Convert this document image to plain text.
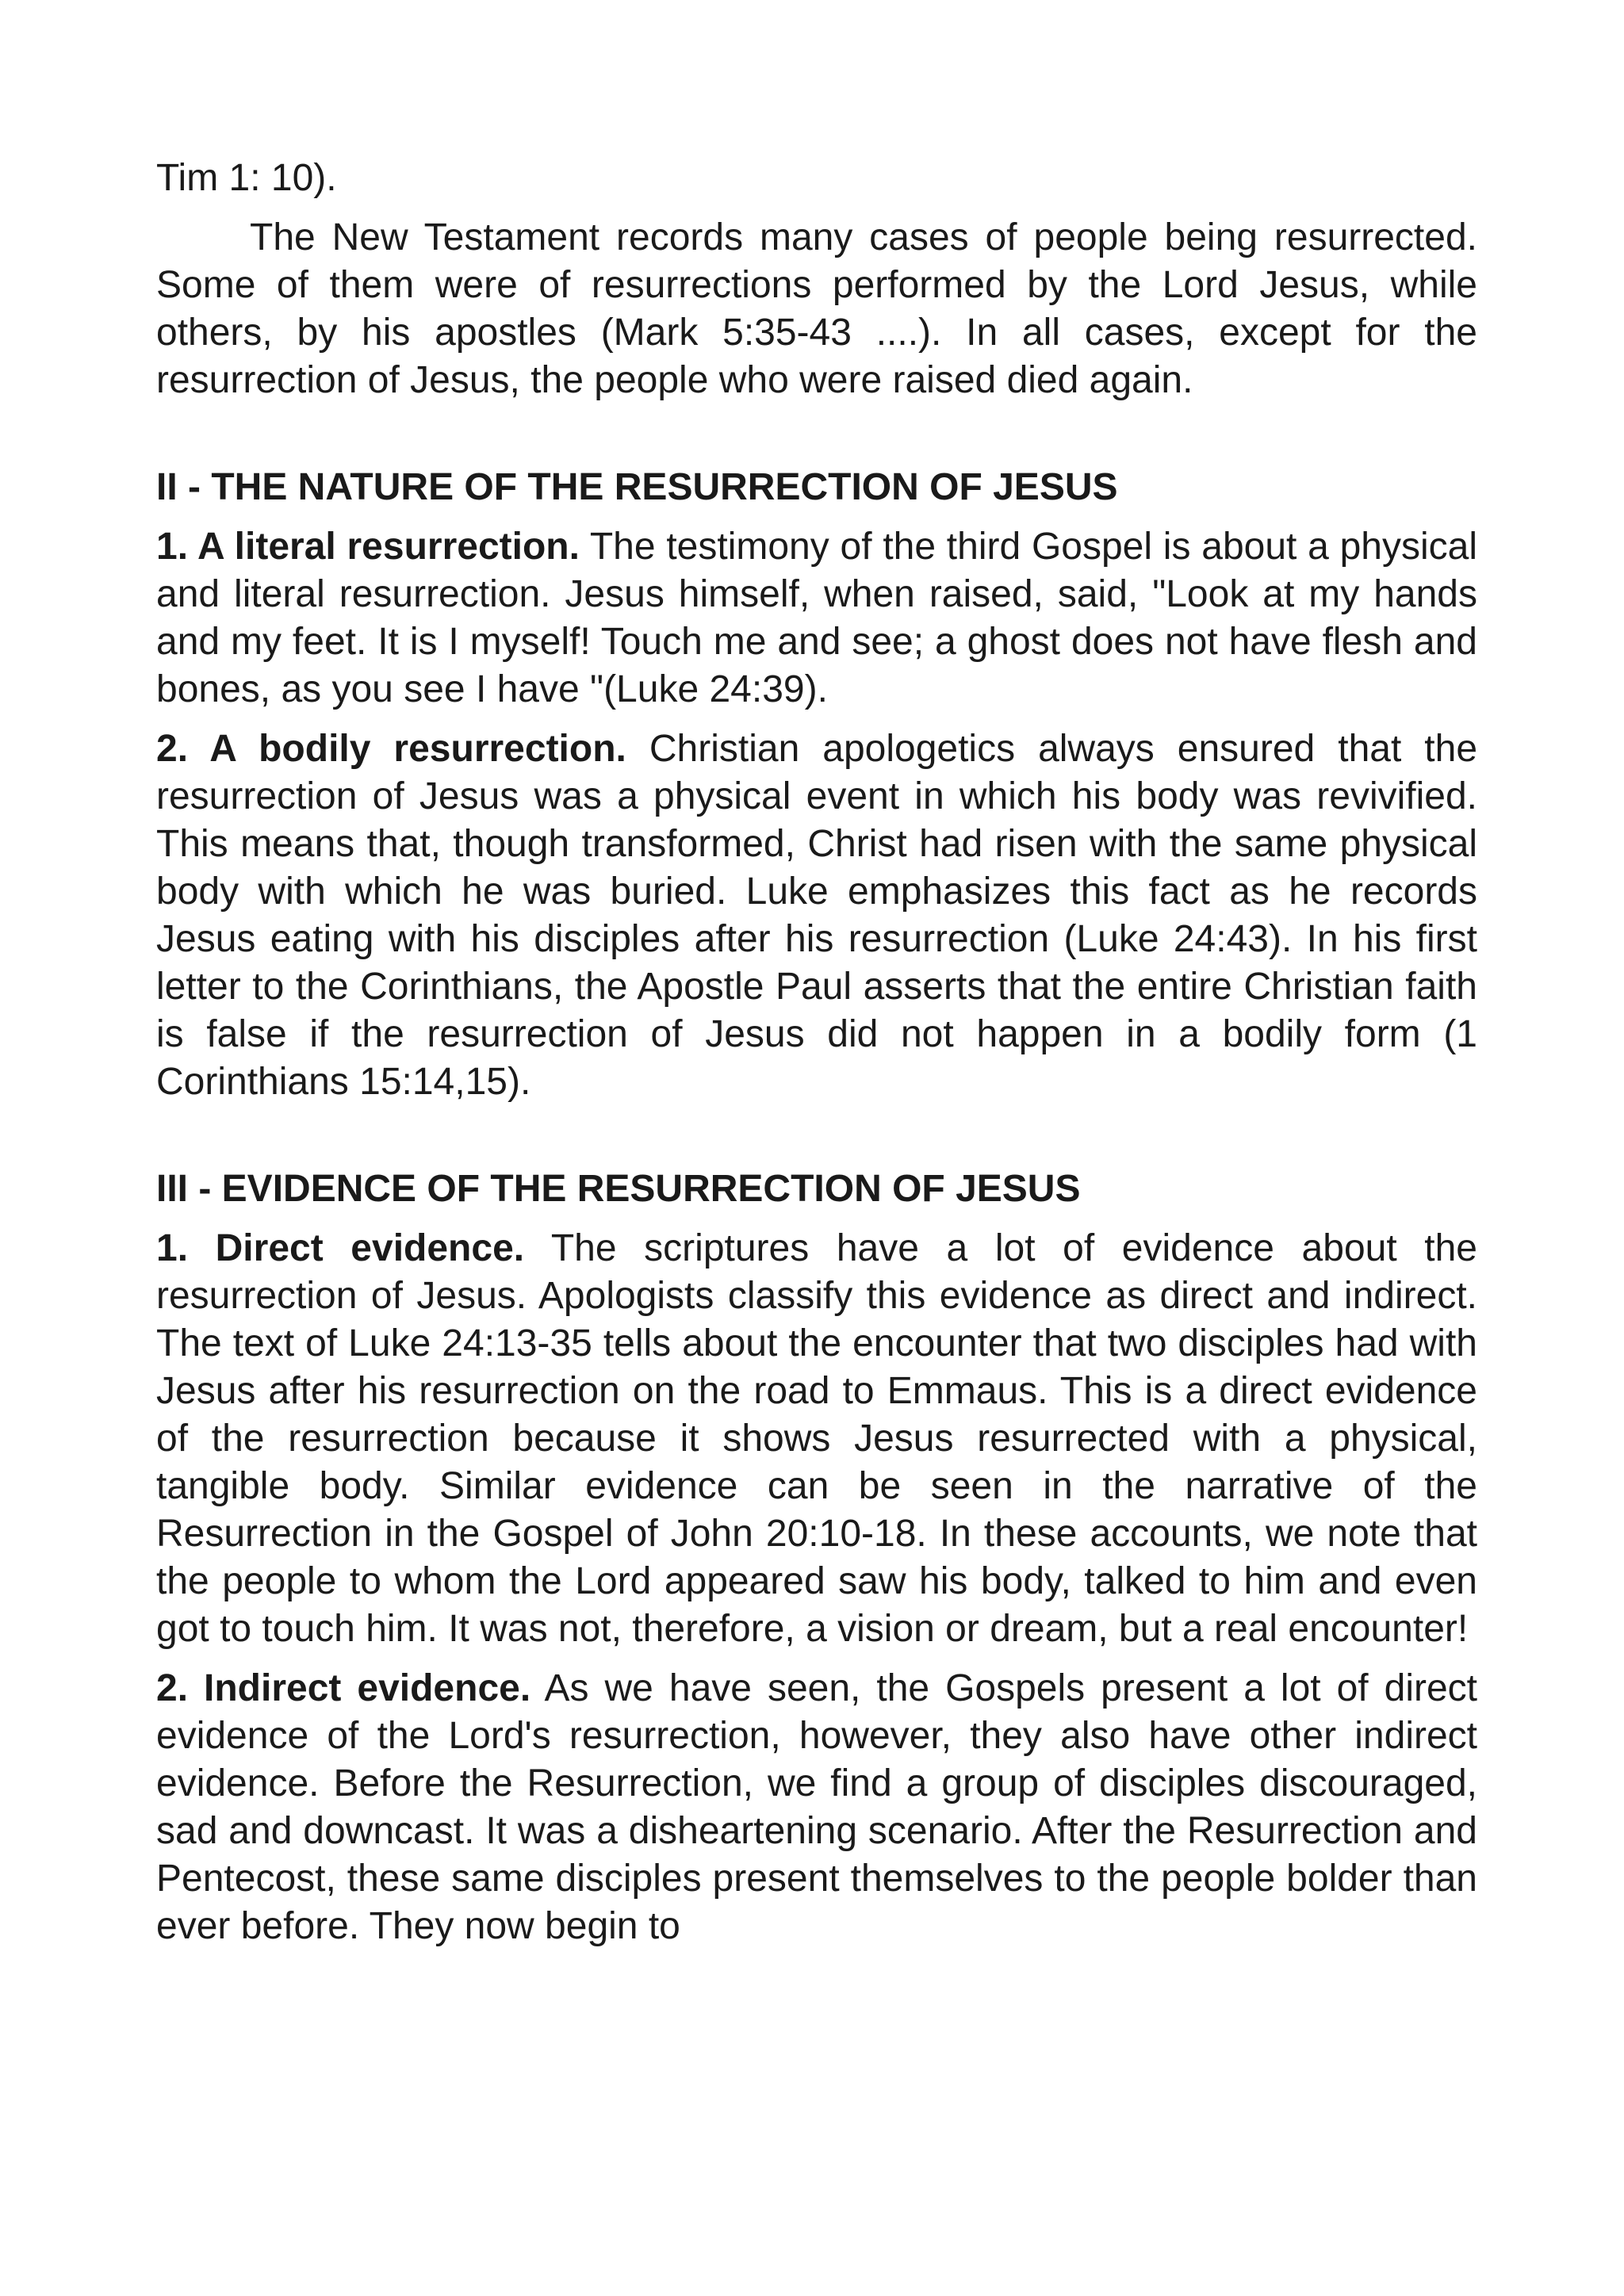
Tim 1: 10).

The New Testament records many cases of people being resurrected. Some of them were of resurrections performed by the Lord Jesus, while others, by his apostles (Mark 5:35-43 ....). In all cases, except for the resurrection of Jesus, the people who were raised died again.

II - THE NATURE OF THE RESURRECTION OF JESUS

1. A literal resurrection. The testimony of the third Gospel is about a physical and literal resurrection. Jesus himself, when raised, said, "Look at my hands and my feet. It is I myself! Touch me and see; a ghost does not have flesh and bones, as you see I have "(Luke 24:39).

2. A bodily resurrection. Christian apologetics always ensured that the resurrection of Jesus was a physical event in which his body was revivified. This means that, though transformed, Christ had risen with the same physical body with which he was buried. Luke emphasizes this fact as he records Jesus eating with his disciples after his resurrection (Luke 24:43). In his first letter to the Corinthians, the Apostle Paul asserts that the entire Christian faith is false if the resurrection of Jesus did not happen in a bodily form (1 Corinthians 15:14,15).

III - EVIDENCE OF THE RESURRECTION OF JESUS

1. Direct evidence. The scriptures have a lot of evidence about the resurrection of Jesus. Apologists classify this evidence as direct and indirect. The text of Luke 24:13-35 tells about the encounter that two disciples had with Jesus after his resurrection on the road to Emmaus. This is a direct evidence of the resurrection because it shows Jesus resurrected with a physical, tangible body. Similar evidence can be seen in the narrative of the Resurrection in the Gospel of John 20:10-18. In these accounts, we note that the people to whom the Lord appeared saw his body, talked to him and even got to touch him. It was not, therefore, a vision or dream, but a real encounter!

2. Indirect evidence. As we have seen, the Gospels present a lot of direct evidence of the Lord's resurrection, however, they also have other indirect evidence. Before the Resurrection, we find a group of disciples discouraged, sad and downcast. It was a disheartening scenario. After the Resurrection and Pentecost, these same disciples present themselves to the people bolder than ever before. They now begin to
